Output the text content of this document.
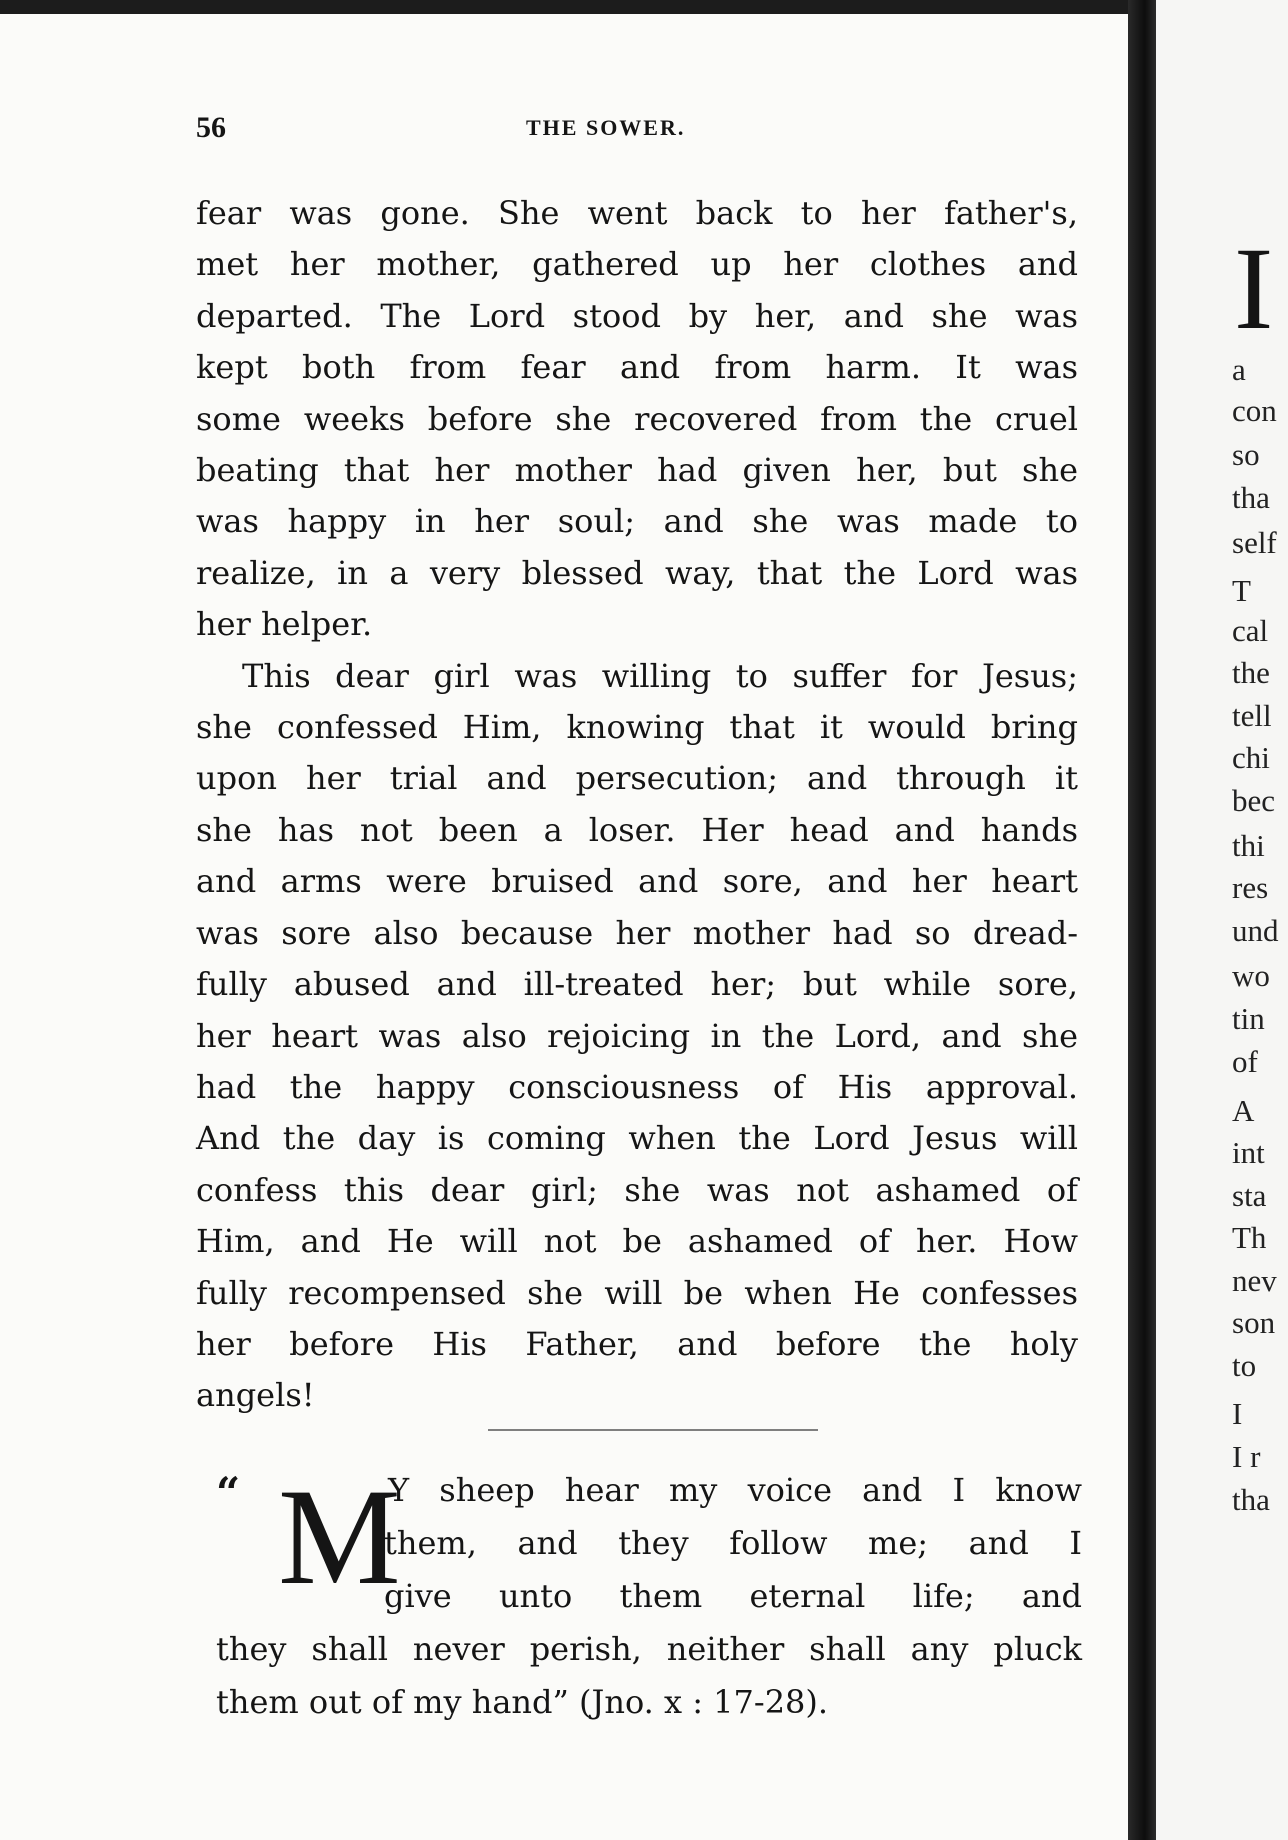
I
a
con
so
tha
self
T
cal
the
tell
chi
bec
thi
res
und
wo
tin
of
A
int
sta
Th
nev
son
to
I
I r
tha
56	THE SOWER.
fear was gone. She went back to her father's,
met her mother, gathered up her clothes and
departed. The Lord stood by her, and she was
kept both from fear and from harm. It was
some weeks before she recovered from the cruel
beating that her mother had given her, but she
was happy in her soul; and she was made to
realize, in a very blessed way, that the Lord was
her helper.
This dear girl was willing to suffer for Jesus;
she confessed Him, knowing that it would bring
upon her trial and persecution; and through it
she has not been a loser. Her head and hands
and arms were bruised and sore, and her heart
was sore also because her mother had so dread-
fully abused and ill-treated her; but while sore,
her heart was also rejoicing in the Lord, and she
had the happy consciousness of His approval.
And the day is coming when the Lord Jesus will
confess this dear girl; she was not ashamed of
Him, and He will not be ashamed of her. How
fully recompensed she will be when He confesses
her before His Father, and before the holy
angels!
“ M
Y sheep hear my voice and I know
them, and they follow me; and I
give unto them eternal life; and
they shall never perish, neither shall any pluck
them out of my hand” (Jno. x : 17-28).
